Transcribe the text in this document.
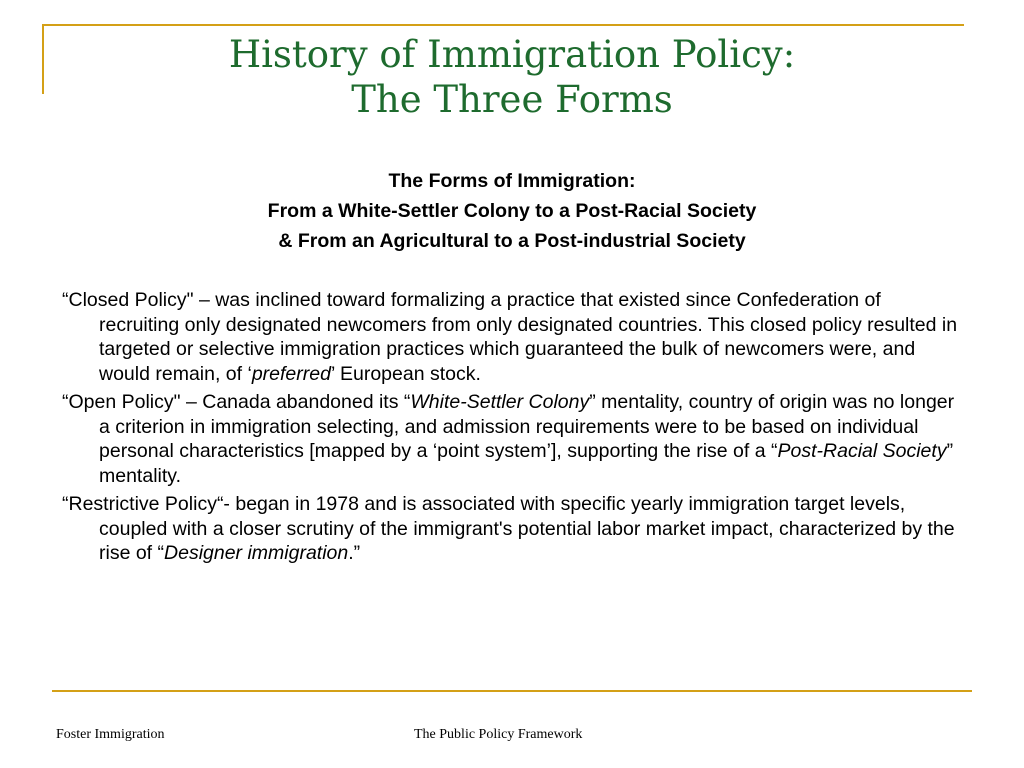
History of Immigration Policy:
The Three Forms
The Forms of Immigration:
From a White-Settler Colony to a Post-Racial Society
& From an Agricultural to a Post-industrial Society

“Closed Policy" – was inclined toward formalizing a practice that existed since Confederation of recruiting only designated newcomers from only designated countries. This closed policy resulted in targeted or selective immigration practices which guaranteed the bulk of newcomers were, and would remain, of ‘preferred’ European stock.

“Open Policy" – Canada abandoned its “White-Settler Colony” mentality, country of origin was no longer a criterion in immigration selecting, and admission requirements were to be based on individual personal characteristics [mapped by a ‘point system’], supporting the rise of a “Post-Racial Society” mentality.

“Restrictive Policy“- began in 1978 and is associated with specific yearly immigration target levels, coupled with a closer scrutiny of the immigrant's potential labor market impact, characterized by the rise of “Designer immigration.”

Foster Immigration	The Public Policy Framework
